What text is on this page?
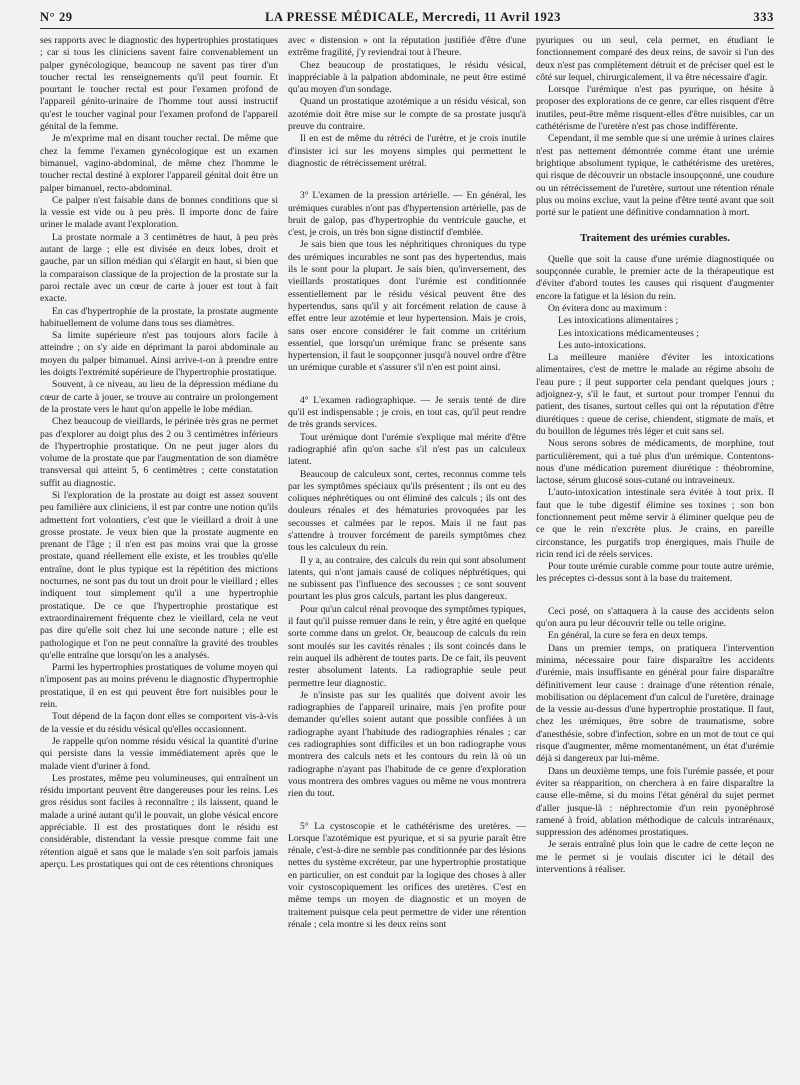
N° 29	LA PRESSE MÉDICALE, Mercredi, 11 Avril 1923	333

ses rapports avec le diagnostic des hypertrophies prostatiques ; car si tous les cliniciens savent faire convenablement un palper gynécologique, beaucoup ne savent pas tirer d'un toucher rectal les renseignements qu'il peut fournir. Et pourtant le toucher rectal est pour l'examen profond de l'appareil génito-urinaire de l'homme tout aussi instructif qu'est le toucher vaginal pour l'examen profond de l'appareil génital de la femme.

Je m'exprime mal en disant toucher rectal. De même que chez la femme l'examen gynécologique est un examen bimanuel, vagino-abdominal, de même chez l'homme le toucher rectal destiné à explorer l'appareil génital doit être un palper bimanuel, recto-abdominal.

Ce palper n'est faisable dans de bonnes conditions que si la vessie est vide ou à peu près. Il importe donc de faire uriner le malade avant l'exploration.

La prostate normale a 3 centimètres de haut, à peu près autant de large ; elle est divisée en deux lobes, droit et gauche, par un sillon médian qui s'élargit en haut, si bien que la comparaison classique de la projection de la prostate sur la paroi rectale avec un cœur de carte à jouer est tout à fait exacte.

En cas d'hypertrophie de la prostate, la prostate augmente habituellement de volume dans tous ses diamètres.

Sa limite supérieure n'est pas toujours alors facile à atteindre ; on s'y aide en déprimant la paroi abdominale au moyen du palper bimanuel. Ainsi arrive-t-on à prendre entre les doigts l'extrémité supérieure de l'hypertrophie prostatique.

Souvent, à ce niveau, au lieu de la dépression médiane du cœur de carte à jouer, se trouve au contraire un prolongement de la prostate vers le haut qu'on appelle le lobe médian.

Chez beaucoup de vieillards, le périnée très gras ne permet pas d'explorer au doigt plus des 2 ou 3 centimètres inférieurs de l'hypertrophie prostatique. On ne peut juger alors du volume de la prostate que par l'augmentation de son diamètre transversal qui atteint 5, 6 centimètres ; cette constatation suffit au diagnostic.

Si l'exploration de la prostate au doigt est assez souvent peu familière aux cliniciens, il est par contre une notion qu'ils admettent fort volontiers, c'est que le vieillard a droit à une grosse prostate. Je veux bien que la prostate augmente en prenant de l'âge ; il n'en est pas moins vrai que la grosse prostate, quand réellement elle existe, et les troubles qu'elle entraîne, dont le plus typique est la répétition des mictions nocturnes, ne sont pas du tout un droit pour le vieillard ; elles indiquent tout simplement qu'il a une hypertrophie prostatique. De ce que l'hypertrophie prostatique est extraordinairement fréquente chez le vieillard, cela ne veut pas dire qu'elle soit chez lui une seconde nature ; elle est pathologique et l'on ne peut connaître la gravité des troubles qu'elle entraîne que lorsqu'on les a analysés.

Parmi les hypertrophies prostatiques de volume moyen qui n'imposent pas au moins prévenu le diagnostic d'hypertrophie prostatique, il en est qui peuvent être fort nuisibles pour le rein.

Tout dépend de la façon dont elles se comportent vis-à-vis de la vessie et du résidu vésical qu'elles occasionnent.

Je rappelle qu'on nomme résidu vésical la quantité d'urine qui persiste dans la vessie immédiatement après que le malade vient d'uriner à fond.

Les prostates, même peu volumineuses, qui entraînent un résidu important peuvent être dangereuses pour les reins. Les gros résidus sont faciles à reconnaître ; ils laissent, quand le malade a uriné autant qu'il le pouvait, un globe vésical encore appréciable. Il est des prostatiques dont le résidu est considérable, distendant la vessie presque comme fait une rétention aiguë et sans que le malade s'en soit parfois jamais aperçu. Les prostatiques qui ont de ces rétentions chroniques

avec « distension » ont la réputation justifiée d'être d'une extrême fragilité, j'y reviendrai tout à l'heure.

Chez beaucoup de prostatiques, le résidu vésical, inappréciable à la palpation abdominale, ne peut être estimé qu'au moyen d'un sondage.

Quand un prostatique azotémique a un résidu vésical, son azotémie doit être mise sur le compte de sa prostate jusqu'à preuve du contraire.

Il en est de même du rétréci de l'urètre, et je crois inutile d'insister ici sur les moyens simples qui permettent le diagnostic de rétrécissement urétral.

3° L'examen de la pression artérielle. — En général, les urémiques curables n'ont pas d'hypertension artérielle, pas de bruit de galop, pas d'hypertrophie du ventricule gauche, et c'est, je crois, un très bon signe distinctif d'emblée.

Je sais bien que tous les néphritiques chroniques du type des urémiques incurables ne sont pas des hypertendus, mais ils le sont pour la plupart. Je sais bien, qu'inversement, des vieillards prostatiques dont l'urémie est conditionnée essentiellement par le résidu vésical peuvent être des hypertendus, sans qu'il y ait forcément relation de cause à effet entre leur azotémie et leur hypertension. Mais je crois, sans oser encore considérer le fait comme un critérium essentiel, que lorsqu'un urémique franc se présente sans hypertension, il faut le soupçonner jusqu'à nouvel ordre d'être un urémique curable et s'assurer s'il n'en est point ainsi.

4° L'examen radiographique. — Je serais tenté de dire qu'il est indispensable ; je crois, en tout cas, qu'il peut rendre de très grands services.

Tout urémique dont l'urémie s'explique mal mérite d'être radiographié afin qu'on sache s'il n'est pas un calculeux latent.

Beaucoup de calculeux sont, certes, reconnus comme tels par les symptômes spéciaux qu'ils présentent ; ils ont eu des coliques néphrétiques ou ont éliminé des calculs ; ils ont des douleurs rénales et des hématuries provoquées par les secousses et calmées par le repos. Mais il ne faut pas s'attendre à trouver forcément de pareils symptômes chez tous les calculeux du rein.

Il y a, au contraire, des calculs du rein qui sont absolument latents, qui n'ont jamais causé de coliques néphrétiques, qui ne subissent pas l'influence des secousses ; ce sont souvent pourtant les plus gros calculs, partant les plus dangereux.

Pour qu'un calcul rénal provoque des symptômes typiques, il faut qu'il puisse remuer dans le rein, y être agité en quelque sorte comme dans un grelot. Or, beaucoup de calculs du rein sont moulés sur les cavités rénales ; ils sont coincés dans le rein auquel ils adhèrent de toutes parts. De ce fait, ils peuvent rester absolument latents. La radiographie seule peut permettre leur diagnostic.

Je n'insiste pas sur les qualités que doivent avoir les radiographies de l'appareil urinaire, mais j'en profite pour demander qu'elles soient autant que possible confiées à un radiographe ayant l'habitude des radiographies rénales ; car ces radiographies sont difficiles et un bon radiographe vous montrera des calculs nets et les contours du rein là où un radiographe n'ayant pas l'habitude de ce genre d'exploration vous montrera des ombres vagues ou même ne vous montrera rien du tout.

5° La cystoscopie et le cathétérisme des uretères. — Lorsque l'azotémique est pyurique, et si sa pyurie paraît être rénale, c'est-à-dire ne semble pas conditionnée par des lésions nettes du système excréteur, par une hypertrophie prostatique en particulier, on est conduit par la logique des choses à aller voir cystoscopiquement les orifices des uretères. C'est en même temps un moyen de diagnostic et un moyen de traitement puisque cela peut permettre de vider une rétention rénale ; cela montre si les deux reins sont

pyuriques ou un seul, cela permet, en étudiant le fonctionnement comparé des deux reins, de savoir si l'un des deux n'est pas complètement détruit et de préciser quel est le côté sur lequel, chirurgicalement, il va être nécessaire d'agir.

Lorsque l'urémique n'est pas pyurique, on hésite à proposer des explorations de ce genre, car elles risquent d'être inutiles, peut-être même risquent-elles d'être nuisibles, car un cathétérisme de l'uretère n'est pas chose indifférente.

Cependant, il me semble que si une urémie à urines claires n'est pas nettement démontrée comme étant une urémie brightique absolument typique, le cathétérisme des uretères, qui risque de découvrir un obstacle insoupçonné, une coudure ou un rétrécissement de l'uretère, surtout une rétention rénale plus ou moins exclue, vaut la peine d'être tenté avant que soit porté sur le patient une définitive condamnation à mort.

Traitement des urémies curables.

Quelle que soit la cause d'une urémie diagnostiquée ou soupçonnée curable, le premier acte de la thérapeutique est d'éviter d'abord toutes les causes qui risquent d'augmenter encore la fatigue et la lésion du rein.

On évitera donc au maximum :

Les intoxications alimentaires ;

Les intoxications médicamenteuses ;

Les auto-intoxications.

La meilleure manière d'éviter les intoxications alimentaires, c'est de mettre le malade au régime absolu de l'eau pure ; il peut supporter cela pendant quelques jours ; adjoignez-y, s'il le faut, et surtout pour tromper l'ennui du patient, des tisanes, surtout celles qui ont la réputation d'être diurétiques : queue de cerise, chiendent, stigmate de maïs, et du bouillon de légumes très léger et cuit sans sel.

Nous serons sobres de médicaments, de morphine, tout particulièrement, qui a tué plus d'un urémique. Contentons-nous d'une médication purement diurétique : théobromine, lactose, sérum glucosé sous-cutané ou intraveineux.

L'auto-intoxication intestinale sera évitée à tout prix. Il faut que le tube digestif élimine ses toxines ; son bon fonctionnement peut même servir à éliminer quelque peu de ce que le rein n'excrète plus. Je crains, en pareille circonstance, les purgatifs trop énergiques, mais l'huile de ricin rend ici de réels services.

Pour toute urémie curable comme pour toute autre urémie, les préceptes ci-dessus sont à la base du traitement.

Ceci posé, on s'attaquera à la cause des accidents selon qu'on aura pu leur découvrir telle ou telle origine.

En général, la cure se fera en deux temps.

Dans un premier temps, on pratiquera l'intervention minima, nécessaire pour faire disparaître les accidents d'urémie, mais insuffisante en général pour faire disparaître définitivement leur cause : drainage d'une rétention rénale, mobilisation ou déplacement d'un calcul de l'uretère, drainage de la vessie au-dessus d'une hypertrophie prostatique. Il faut, chez les urémiques, être sobre de traumatisme, sobre d'anesthésie, sobre d'infection, sobre en un mot de tout ce qui risque d'augmenter, même momentanément, un état d'urémie déjà si dangereux par lui-même.

Dans un deuxième temps, une fois l'urémie passée, et pour éviter sa réapparition, on cherchera à en faire disparaître la cause elle-même, si du moins l'état général du sujet permet d'aller jusque-là : néphrectomie d'un rein pyonéphrosé ramené à froid, ablation méthodique de calculs intrarénaux, suppression des adénomes prostatiques.

Je serais entraîné plus loin que le cadre de cette leçon ne me le permet si je voulais discuter ici le détail des interventions à réaliser.
